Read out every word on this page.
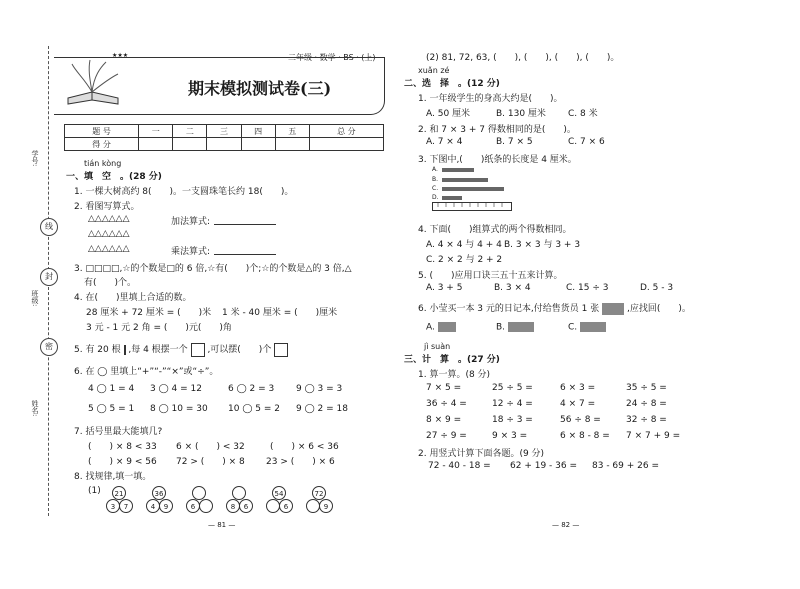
学号:
班级:
姓名:
线
封
密
二年级 · 数学 · BS · (上)
★★★
期末模拟测试卷(三)
题 号	一	二	三	四	五	总 分
得 分						
tián kòng
一、填　空　。(28 分)
1. 一棵大树高约 8(　　)。一支圆珠笔长约 18(　　)。
2. 看图写算式。
△△△△△△	加法算式:
△△△△△△
△△△△△△	乘法算式:
3. □□□□,☆的个数是□的 6 倍,☆有(　　)个;☆的个数是△的 3 倍,△
有(　　)个。
4. 在(　　)里填上合适的数。
28 厘米 + 72 厘米 = (　　)米 1 米 - 40 厘米 = (　　)厘米
3 元 - 1 元 2 角 = (　　)元(　　)角
5. 有 20 根 ,每 4 根摆一个 ,可以摆(　　)个
6. 在 ◯ 里填上“+”“-”“×”或“÷”。
4 ◯ 1 = 4 3 ◯ 4 = 12	6 ◯ 2 = 3 9 ◯ 3 = 3
5 ◯ 5 = 1 8 ◯ 10 = 30 10 ◯ 5 = 2 9 ◯ 2 = 18
7. 括号里最大能填几?
(　　) × 8 < 33 6 × (　　) < 32	(　　) × 6 < 36
(　　) × 9 < 56 72 > (　　) × 8 23 > (　　) × 6
8. 找规律,填一填。
(1)	21
3	7
36
4	9	6	8	6
54
6
72
9
— 81 —
(2) 81, 72, 63, (　　), (　　), (　　), (　　)。
xuǎn zé
二、选　择　。(12 分)
1. 一年级学生的身高大约是(　　)。
A. 50 厘米	B. 130 厘米 C. 8 米
2. 和 7 × 3 + 7 得数相同的是(　　)。
A. 7 × 4	B. 7 × 5	C. 7 × 6
3. 下图中,(　　)纸条的长度是 4 厘米。
A.
B.
C.
D.
4. 下面(　　)组算式的两个得数相同。
A. 4 × 4 与 4 + 4 B. 3 × 3 与 3 + 3
C. 2 × 2 与 2 + 2
5. (　　)应用口诀三五十五来计算。
A. 3 + 5	B. 3 × 4	C. 15 ÷ 3	D. 5 - 3
6. 小莹买一本 3 元的日记本,付给售货员 1 张	,应找回(　　)。
A.	B.	C.
jì suàn
三、计　算　。(27 分)
1. 算一算。(8 分)
7 × 5 =	25 ÷ 5 =	6 × 3 =	35 ÷ 5 =
36 ÷ 4 =	12 ÷ 4 =	4 × 7 =	24 ÷ 8 =
8 × 9 =	18 ÷ 3 =	56 ÷ 8 =	32 ÷ 8 =
27 ÷ 9 =	9 × 3 =	6 × 8 - 8 = 7 × 7 + 9 =
2. 用竖式计算下面各题。(9 分)
72 - 40 - 18 = 62 + 19 - 36 = 83 - 69 + 26 =
— 82 —
